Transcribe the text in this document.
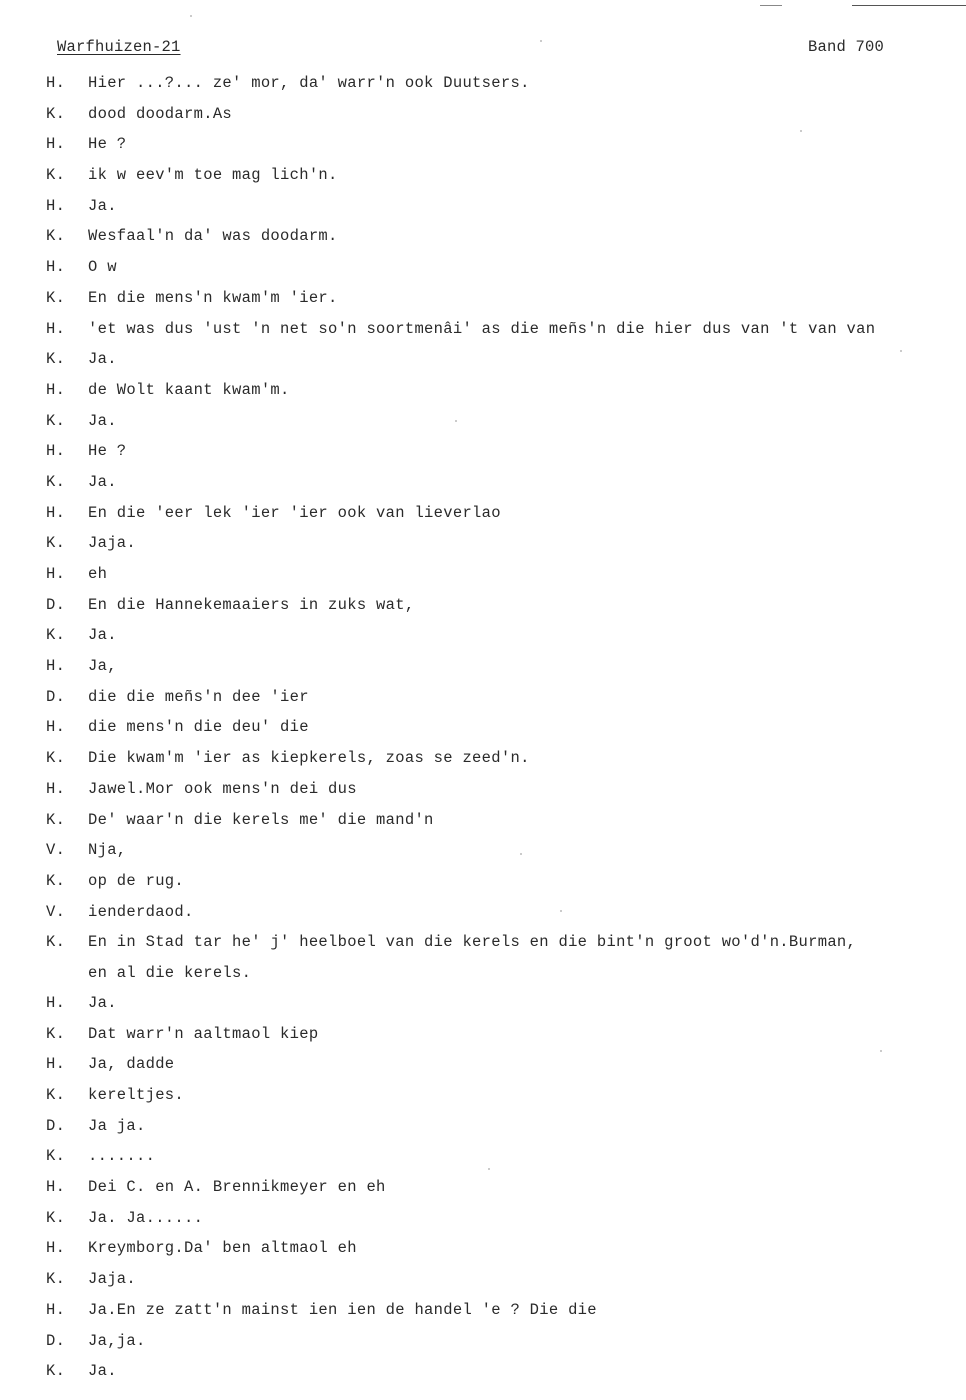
Warfhuizen-21	Band 700
H.	Hier ...?... ze' mor, da' warr'n ook Duutsers.
K.	dood doodarm.As
H.	He ?
K.	ik w eev'm toe mag lich'n.
H.	Ja.
K.	Wesfaal'n da' was doodarm.
H.	O w
K.	En die mens'n kwam'm 'ier.
H.	'et was dus 'ust 'n net so'n soortmenâi' as die meñs'n die hier dus van 't van van
K.	Ja.
H.	de Wolt kaant kwam'm.
K.	Ja.
H.	He ?
K.	Ja.
H.	En die 'eer lek 'ier 'ier ook van lieverlao
K.	Jaja.
H.	eh
D.	En die Hannekemaaiers in zuks wat,
K.	Ja.
H.	Ja,
D.	die die meñs'n dee 'ier
H.	die mens'n die deu' die
K.	Die kwam'm 'ier as kiepkerels, zoas se zeed'n.
H.	Jawel.Mor ook mens'n dei dus
K.	De' waar'n die kerels me' die mand'n
V.	Nja,
K.	op de rug.
V.	ienderdaod.
K.	En in Stad tar he' j' heelboel van die kerels en die bint'n groot wo'd'n.Burman,
en al die kerels.
H.	Ja.
K.	Dat warr'n aaltmaol kiep
H.	Ja, dadde
K.	kereltjes.
D.	Ja ja.
K.	.......
H.	Dei C. en A. Brennikmeyer en eh
K.	Ja. Ja......
H.	Kreymborg.Da' ben altmaol eh
K.	Jaja.
H.	Ja.En ze zatt'n mainst ien ien de handel 'e ? Die die
D.	Ja,ja.
K.	Ja.
